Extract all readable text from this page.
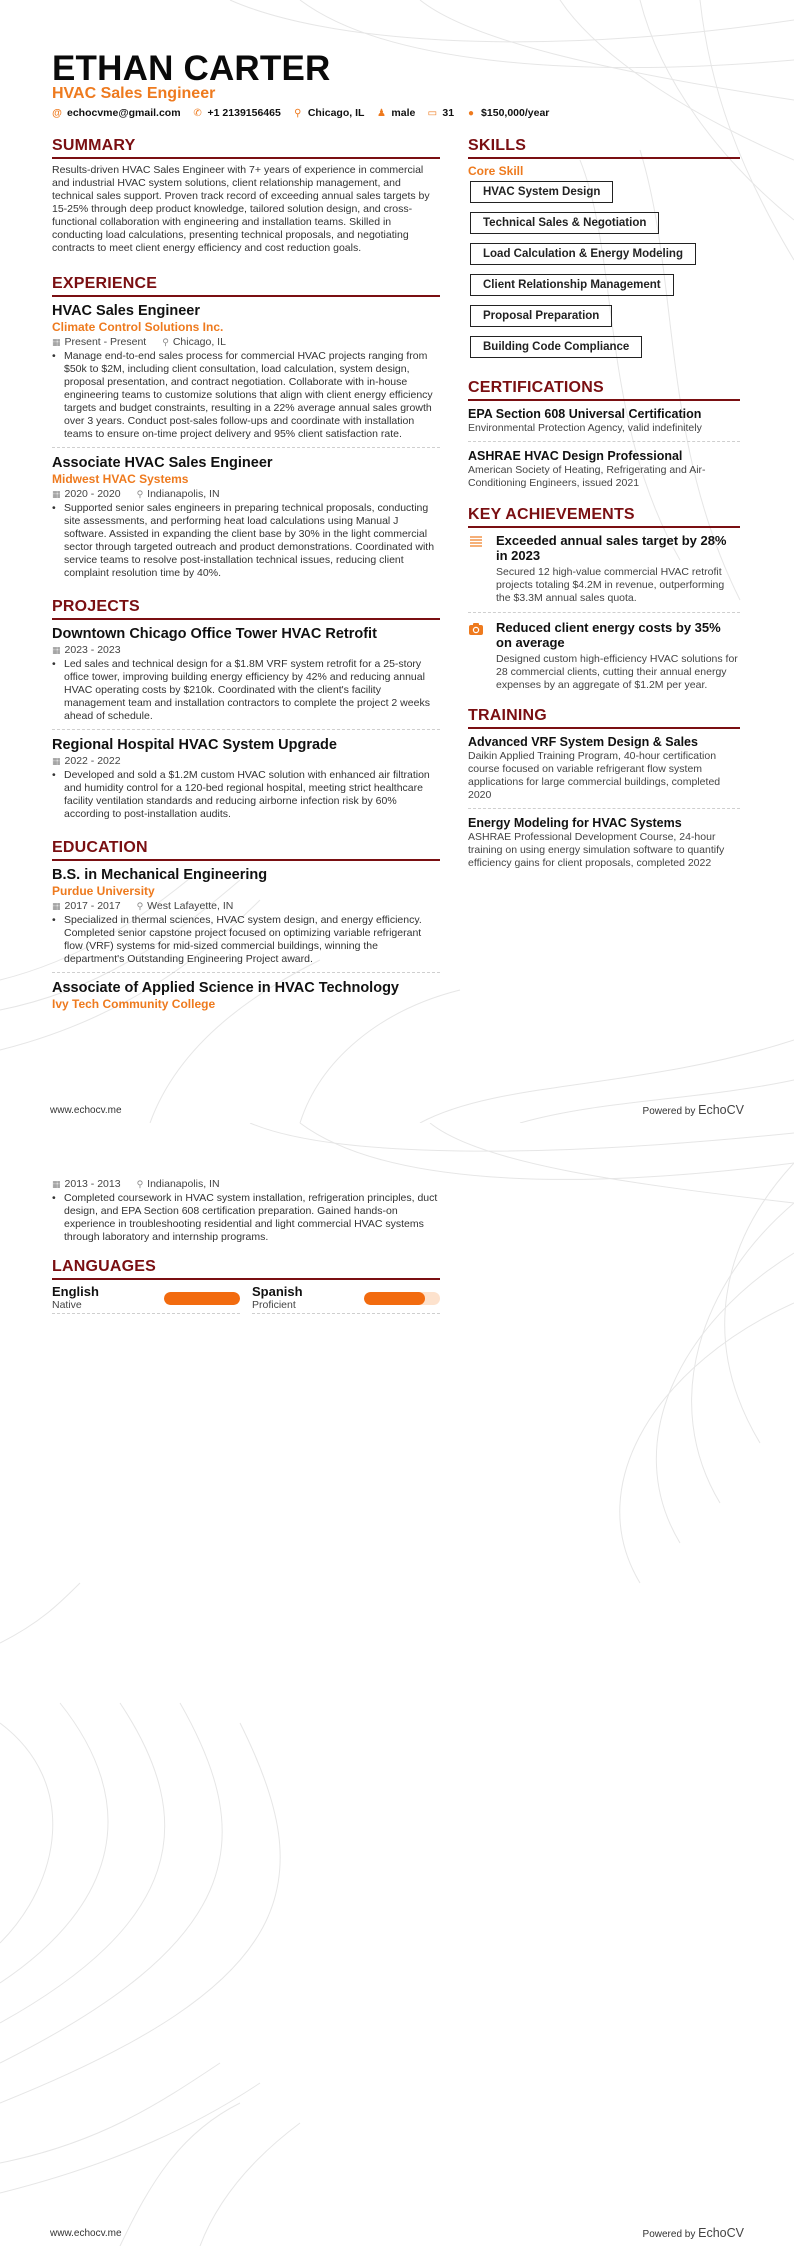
ETHAN CARTER
HVAC Sales Engineer
@ echocvme@gmail.com ✆ +1 2139156465 ⚲ Chicago, IL ♟ male ▭ 31 ● $150,000/year
SUMMARY

Results-driven HVAC Sales Engineer with 7+ years of experience in commercial and industrial HVAC system solutions, client relationship management, and technical sales support. Proven track record of exceeding annual sales targets by 15-25% through deep product knowledge, tailored solution design, and cross-functional collaboration with engineering and installation teams. Skilled in conducting load calculations, presenting technical proposals, and negotiating contracts to meet client energy efficiency and cost reduction goals.

EXPERIENCE
HVAC Sales Engineer
Climate Control Solutions Inc.
▦ Present - Present ⚲ Chicago, IL
• Manage end-to-end sales process for commercial HVAC projects ranging from $50k to $2M, including client consultation, load calculation, system design, proposal presentation, and contract negotiation. Collaborate with in-house engineering teams to customize solutions that align with client energy efficiency targets and budget constraints, resulting in a 22% average annual sales growth over 3 years. Conduct post-sales follow-ups and coordinate with installation teams to ensure on-time project delivery and 95% client satisfaction rate.
Associate HVAC Sales Engineer
Midwest HVAC Systems
▦ 2020 - 2020 ⚲ Indianapolis, IN
• Supported senior sales engineers in preparing technical proposals, conducting site assessments, and performing heat load calculations using Manual J software. Assisted in expanding the client base by 30% in the light commercial sector through targeted outreach and product demonstrations. Coordinated with service teams to resolve post-installation technical issues, reducing client complaint resolution time by 40%.
PROJECTS
Downtown Chicago Office Tower HVAC Retrofit
▦ 2023 - 2023
• Led sales and technical design for a $1.8M VRF system retrofit for a 25-story office tower, improving building energy efficiency by 42% and reducing annual HVAC operating costs by $210k. Coordinated with the client's facility management team and installation contractors to complete the project 2 weeks ahead of schedule.
Regional Hospital HVAC System Upgrade
▦ 2022 - 2022
• Developed and sold a $1.2M custom HVAC solution with enhanced air filtration and humidity control for a 120-bed regional hospital, meeting strict healthcare facility ventilation standards and reducing airborne infection risk by 60% according to post-installation audits.
EDUCATION
B.S. in Mechanical Engineering
Purdue University
▦ 2017 - 2017 ⚲ West Lafayette, IN
• Specialized in thermal sciences, HVAC system design, and energy efficiency. Completed senior capstone project focused on optimizing variable refrigerant flow (VRF) systems for mid-sized commercial buildings, winning the department's Outstanding Engineering Project award.
Associate of Applied Science in HVAC Technology
Ivy Tech Community College
SKILLS
Core Skill
HVAC System Design
Technical Sales & Negotiation
Load Calculation & Energy Modeling
Client Relationship Management
Proposal Preparation
Building Code Compliance
CERTIFICATIONS
EPA Section 608 Universal Certification
Environmental Protection Agency, valid indefinitely
ASHRAE HVAC Design Professional
American Society of Heating, Refrigerating and Air-Conditioning Engineers, issued 2021
KEY ACHIEVEMENTS
Exceeded annual sales target by 28% in 2023
Secured 12 high-value commercial HVAC retrofit projects totaling $4.2M in revenue, outperforming the $3.3M annual sales quota.
Reduced client energy costs by 35% on average
Designed custom high-efficiency HVAC solutions for 28 commercial clients, cutting their annual energy expenses by an aggregate of $1.2M per year.
TRAINING
Advanced VRF System Design & Sales
Daikin Applied Training Program, 40-hour certification course focused on variable refrigerant flow system applications for large commercial buildings, completed 2020
Energy Modeling for HVAC Systems
ASHRAE Professional Development Course, 24-hour training on using energy simulation software to quantify efficiency gains for client proposals, completed 2022
www.echocv.me	Powered by EchoCV
▦ 2013 - 2013 ⚲ Indianapolis, IN
• Completed coursework in HVAC system installation, refrigeration principles, duct design, and EPA Section 608 certification preparation. Gained hands-on experience in troubleshooting residential and light commercial HVAC systems through laboratory and internship programs.
LANGUAGES
English
Native
Spanish
Proficient
www.echocv.me	Powered by EchoCV
